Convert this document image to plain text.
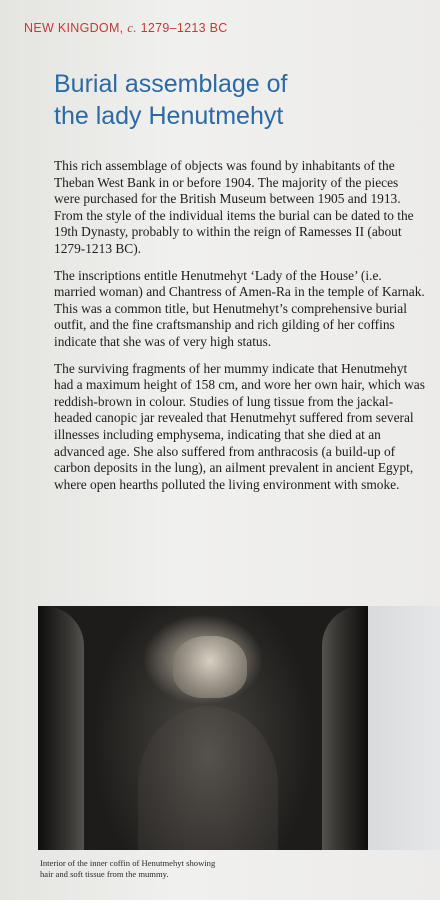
NEW KINGDOM, c. 1279–1213 BC
Burial assemblage of
the lady Henutmehyt

This rich assemblage of objects was found by inhabitants of the Theban West Bank in or before 1904. The majority of the pieces were purchased for the British Museum between 1905 and 1913. From the style of the individual items the burial can be dated to the 19th Dynasty, probably to within the reign of Ramesses II (about 1279-1213 BC).

The inscriptions entitle Henutmehyt ‘Lady of the House’ (i.e. married woman) and Chantress of Amen-Ra in the temple of Karnak. This was a common title, but Henutmehyt’s comprehensive burial outfit, and the fine craftsmanship and rich gilding of her coffins indicate that she was of very high status.

The surviving fragments of her mummy indicate that Henutmehyt had a maximum height of 158 cm, and wore her own hair, which was reddish-brown in colour. Studies of lung tissue from the jackal-headed canopic jar revealed that Henutmehyt suffered from several illnesses including emphysema, indicating that she died at an advanced age. She also suffered from anthracosis (a build-up of carbon deposits in the lung), an ailment prevalent in ancient Egypt, where open hearths polluted the living environment with smoke.

Interior of the inner coffin of Henutmehyt showing
hair and soft tissue from the mummy.
